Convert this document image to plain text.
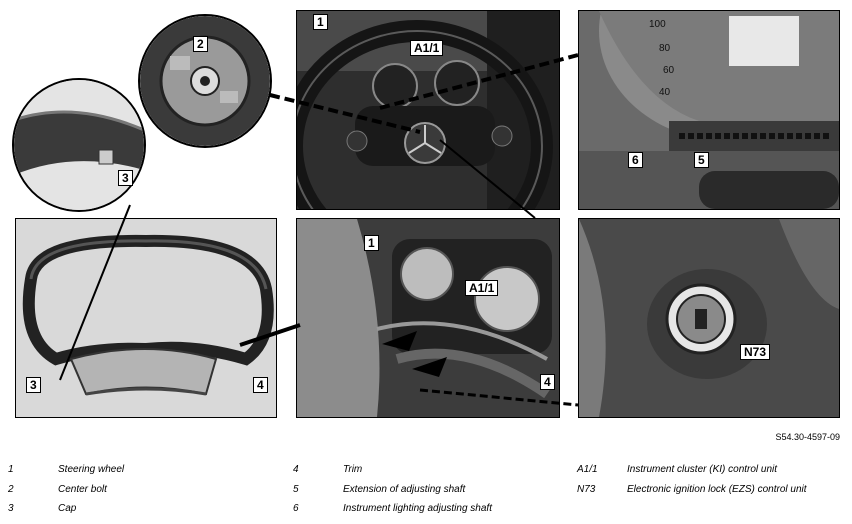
1
A1/1
100
80
60
40
6	5
3	4
1
A1/1
4
N73
2
3
S54.30-4597-09
1	Steering wheel
2	Center bolt
3	Cap
4	Trim
5	Extension of adjusting shaft
6	Instrument lighting adjusting shaft
A1/1	Instrument cluster (KI) control unit
N73	Electronic ignition lock (EZS) control unit
